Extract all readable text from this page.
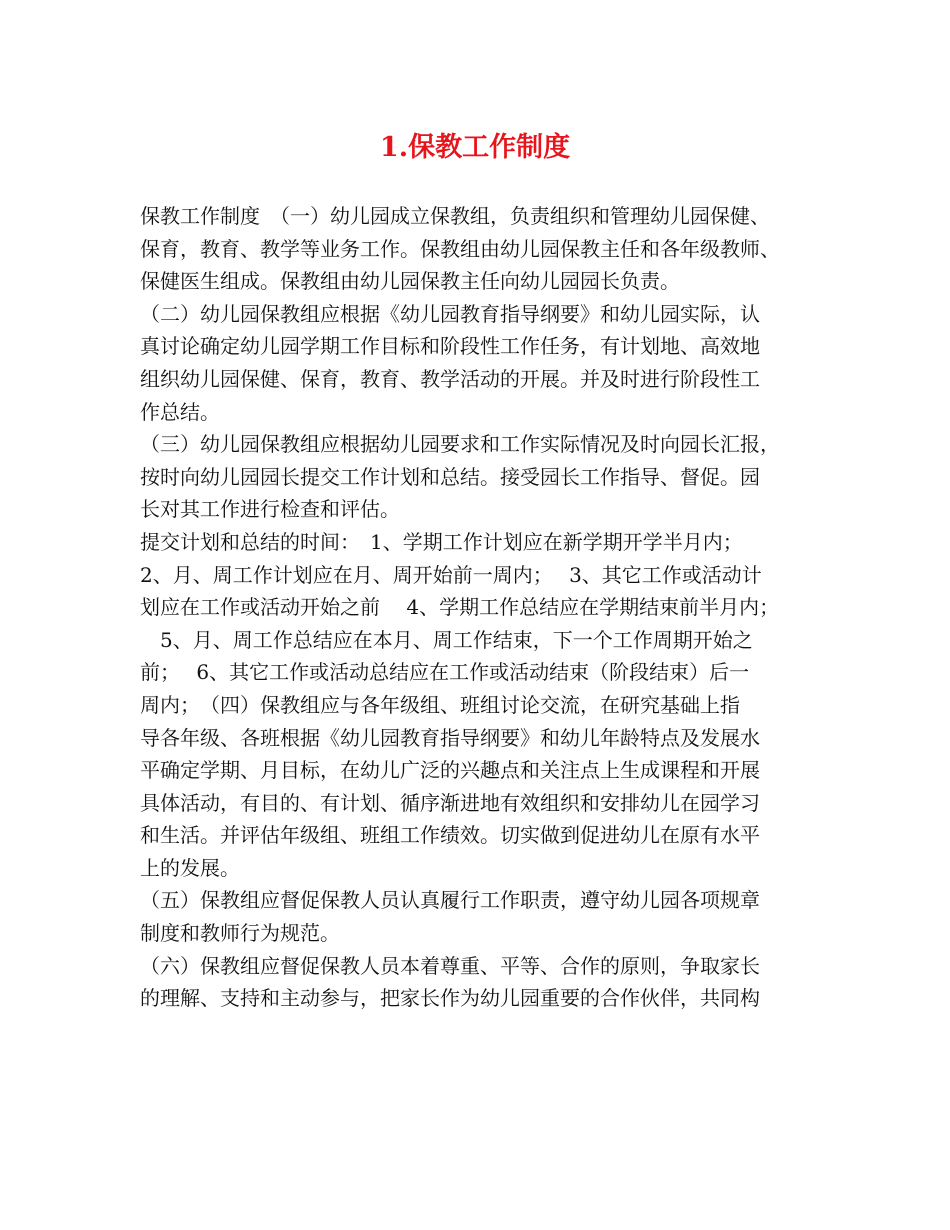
1.保教工作制度
保教工作制度　（一）幼儿园成立保教组，负责组织和管理幼儿园保健、
保育，教育、教学等业务工作。保教组由幼儿园保教主任和各年级教师、
保健医生组成。保教组由幼儿园保教主任向幼儿园园长负责。
（二）幼儿园保教组应根据《幼儿园教育指导纲要》和幼儿园实际，认
真讨论确定幼儿园学期工作目标和阶段性工作任务，有计划地、高效地
组织幼儿园保健、保育，教育、教学活动的开展。并及时进行阶段性工
作总结。
（三）幼儿园保教组应根据幼儿园要求和工作实际情况及时向园长汇报，
按时向幼儿园园长提交工作计划和总结。接受园长工作指导、督促。园
长对其工作进行检查和评估。
提交计划和总结的时间：　1、学期工作计划应在新学期开学半月内；
2、月、周工作计划应在月、周开始前一周内；　 3、其它工作或活动计
划应在工作或活动开始之前　 4、学期工作总结应在学期结束前半月内；
　5、月、周工作总结应在本月、周工作结束，下一个工作周期开始之
前；　 6、其它工作或活动总结应在工作或活动结束（阶段结束）后一
周内；　（四）保教组应与各年级组、班组讨论交流，在研究基础上指
导各年级、各班根据《幼儿园教育指导纲要》和幼儿年龄特点及发展水
平确定学期、月目标，在幼儿广泛的兴趣点和关注点上生成课程和开展
具体活动，有目的、有计划、循序渐进地有效组织和安排幼儿在园学习
和生活。并评估年级组、班组工作绩效。切实做到促进幼儿在原有水平
上的发展。
（五）保教组应督促保教人员认真履行工作职责，遵守幼儿园各项规章
制度和教师行为规范。
（六）保教组应督促保教人员本着尊重、平等、合作的原则，争取家长
的理解、支持和主动参与，把家长作为幼儿园重要的合作伙伴，共同构
